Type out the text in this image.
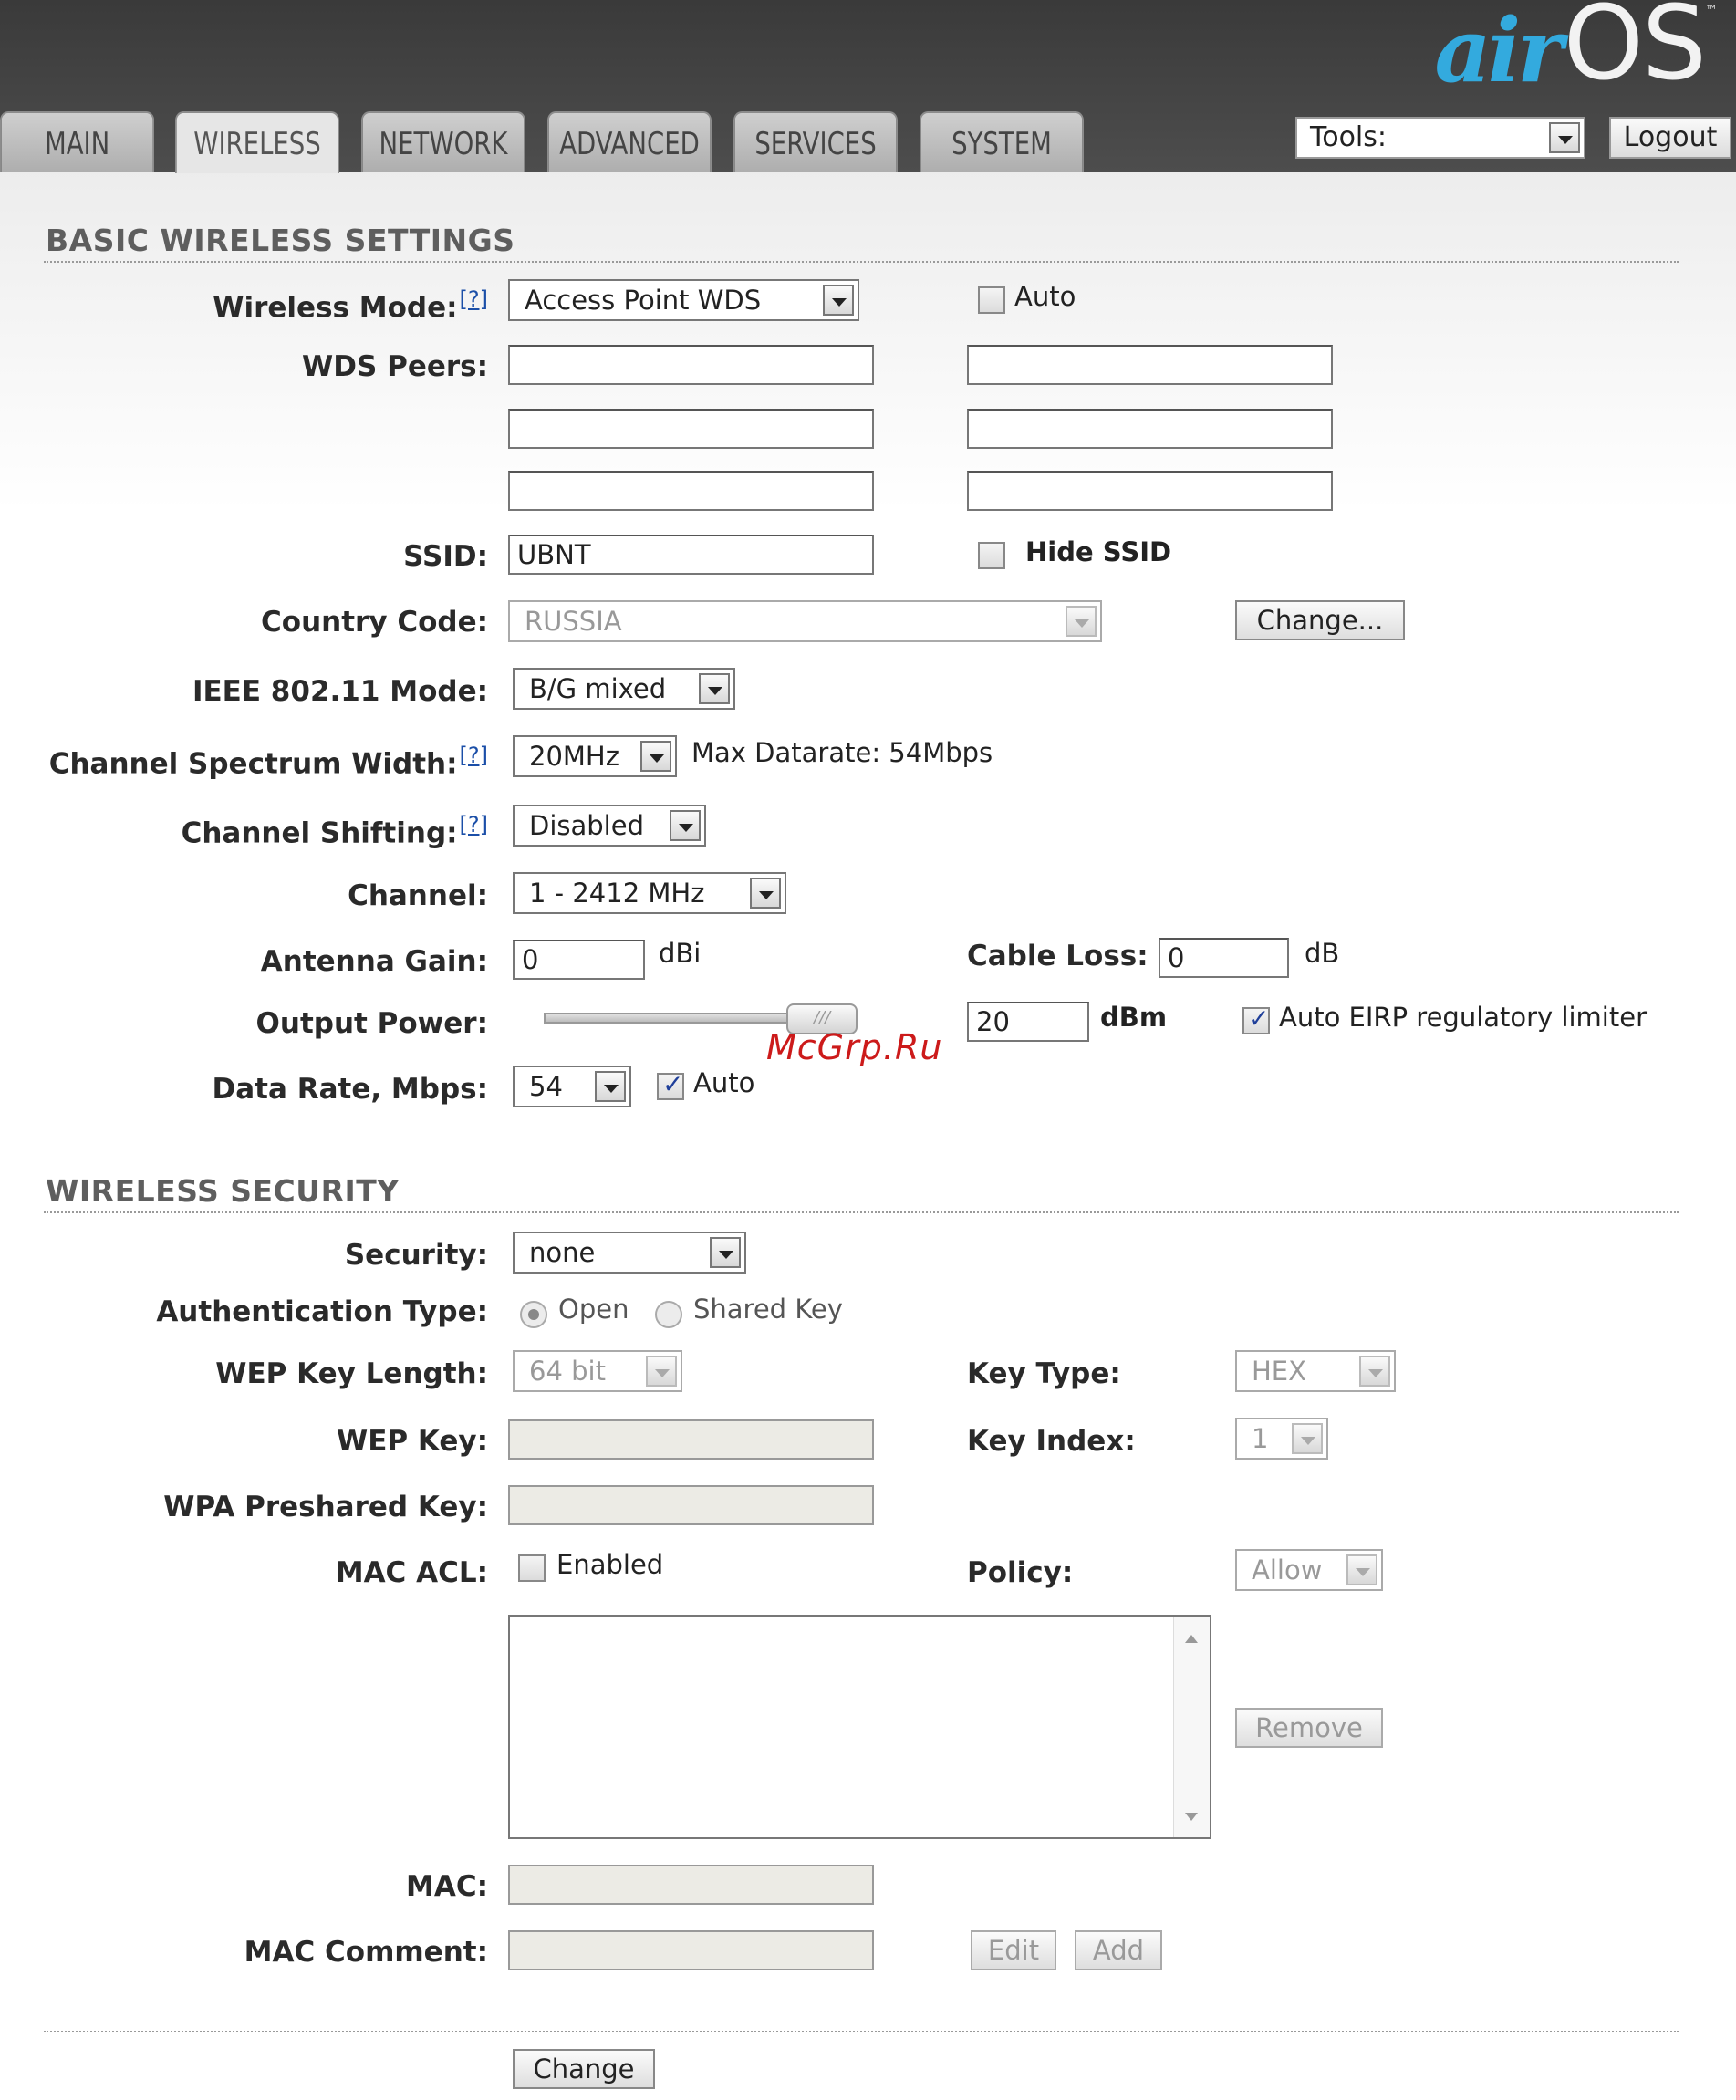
air OS ™
MAIN	WIRELESS	NETWORK	ADVANCED	SERVICES	SYSTEM	Tools:	Logout
BASIC WIRELESS SETTINGS
Wireless Mode:[?]	Access Point WDS	Auto
WDS Peers:
SSID:	UBNT	Hide SSID
Country Code:	RUSSIA	Change...
IEEE 802.11 Mode:	B/G mixed
Channel Spectrum Width:[?]	20MHz	Max Datarate: 54Mbps
Channel Shifting:[?]	Disabled
Channel:	1 - 2412 MHz
Antenna Gain:	0	dBi	Cable Loss: 0	dB
Output Power:	///	20	dBm ✓	Auto EIRP regulatory limiter
McGrp.Ru
Data Rate, Mbps:	54 ✓	Auto
WIRELESS SECURITY
Security:	none
Authentication Type:	Open Shared Key
WEP Key Length:	64 bit	Key Type:	HEX
WEP Key:	Key Index:	1
WPA Preshared Key:
MAC ACL:	Enabled	Policy:	Allow
Remove
MAC:
MAC Comment:	Edit	Add
Change
